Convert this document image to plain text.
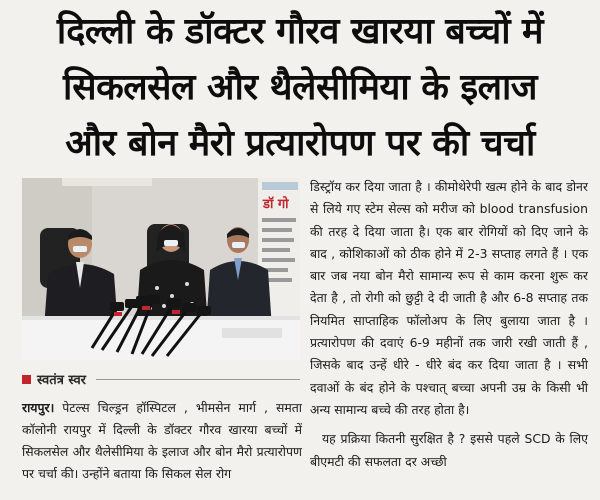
दिल्ली के डॉक्टर गौरव खारया बच्चों में
सिकलसेल और थैलेसीमिया के इलाज
और बोन मैरो प्रत्यारोपण पर की चर्चा
डॉ गो
स्वतंत्र स्वर

रायपुर। पेटल्स चिल्ड्रन हॉस्पिटल , भीमसेन मार्ग , समता कॉलोनी रायपुर में दिल्ली के डॉक्टर गौरव खारया बच्चों में सिकलसेल और थैलेसीमिया के इलाज और बोन मैरो प्रत्यारोपण पर चर्चा की। उन्होंने बताया कि सिकल सेल रोग

डिस्ट्रॉय कर दिया जाता है । कीमोथेरेपी खत्म होने के बाद डोनर से लिये गए स्टेम सेल्स को मरीज को blood transfusion की तरह दे दिया जाता है। एक बार रोगियों को दिए जाने के बाद , कोशिकाओं को ठीक होने में 2-3 सप्ताह लगते हैं । एक बार जब नया बोन मैरो सामान्य रूप से काम करना शुरू कर देता है , तो रोगी को छुट्टी दे दी जाती है और 6-8 सप्ताह तक नियमित साप्ताहिक फॉलोअप के लिए बुलाया जाता है । प्रत्यारोपण की दवाएं 6-9 महीनों तक जारी रखी जाती हैं , जिसके बाद उन्हें धीरे - धीरे बंद कर दिया जाता है । सभी दवाओं के बंद होने के पश्चात् बच्चा अपनी उम्र के किसी भी अन्य सामान्य बच्चे की तरह होता है।

यह प्रक्रिया कितनी सुरक्षित है ? इससे पहले SCD के लिए बीएमटी की सफलता दर अच्छी
